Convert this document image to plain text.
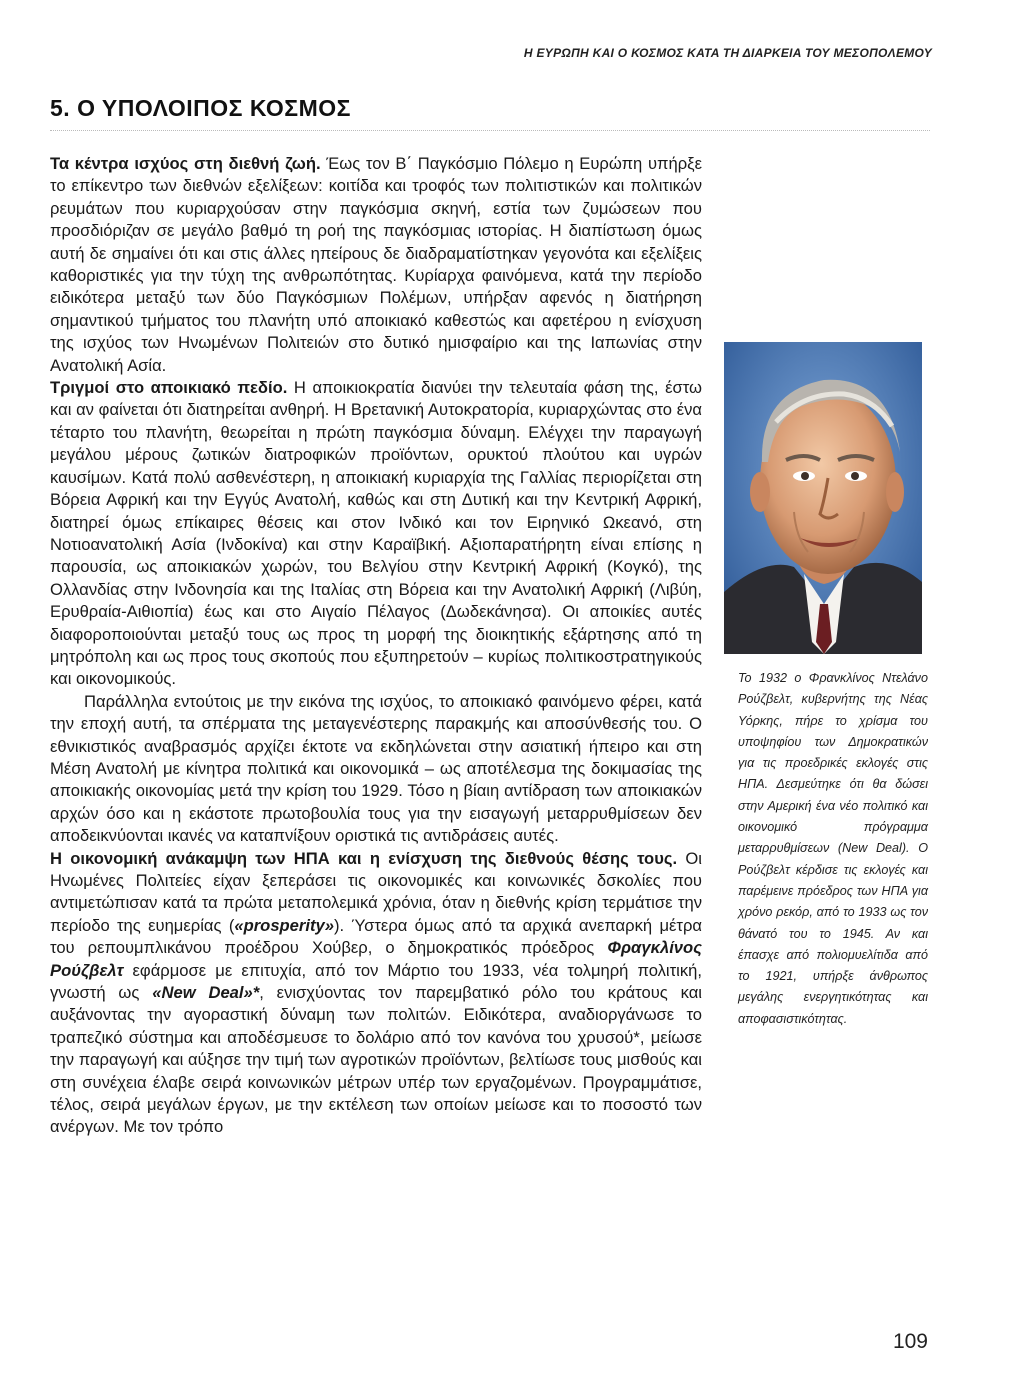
Η ΕΥΡΩΠΗ ΚΑΙ Ο ΚΟΣΜΟΣ ΚΑΤΑ ΤΗ ΔΙΑΡΚΕΙΑ ΤΟΥ ΜΕΣΟΠΟΛΕΜΟΥ
5. Ο ΥΠΟΛΟΙΠΟΣ ΚΟΣΜΟΣ

Τα κέντρα ισχύος στη διεθνή ζωή. Έως τον Β΄ Παγκόσμιο Πόλεμο η Ευρώπη υπήρξε το επίκεντρο των διεθνών εξελίξεων: κοιτίδα και τροφός των πολιτιστικών και πολιτικών ρευμάτων που κυριαρχούσαν στην παγκόσμια σκηνή, εστία των ζυμώσεων που προσδιόριζαν σε μεγάλο βαθμό τη ροή της παγκόσμιας ιστορίας. Η διαπίστωση όμως αυτή δε σημαίνει ότι και στις άλλες ηπείρους δε διαδραματίστηκαν γεγονότα και εξελίξεις καθοριστικές για την τύχη της ανθρωπότητας. Κυρίαρχα φαινόμενα, κατά την περίοδο ειδικότερα μεταξύ των δύο Παγκόσμιων Πολέμων, υπήρξαν αφενός η διατήρηση σημαντικού τμήματος του πλανήτη υπό αποικιακό καθεστώς και αφετέρου η ενίσχυση της ισχύος των Ηνωμένων Πολιτειών στο δυτικό ημισφαίριο και της Ιαπωνίας στην Ανατολική Ασία.

Τριγμοί στο αποικιακό πεδίο. Η αποικιοκρατία διανύει την τελευταία φάση της, έστω και αν φαίνεται ότι διατηρείται ανθηρή. Η Βρετανική Αυτοκρατορία, κυριαρχώντας στο ένα τέταρτο του πλανήτη, θεωρείται η πρώτη παγκόσμια δύναμη. Ελέγχει την παραγωγή μεγάλου μέρους ζωτικών διατροφικών προϊόντων, ορυκτού πλούτου και υγρών καυσίμων. Κατά πολύ ασθενέστερη, η αποικιακή κυριαρχία της Γαλλίας περιορίζεται στη Βόρεια Αφρική και την Εγγύς Ανατολή, καθώς και στη Δυτική και την Κεντρική Αφρική, διατηρεί όμως επίκαιρες θέσεις και στον Ινδικό και τον Ειρηνικό Ωκεανό, στη Νοτιοανατολική Ασία (Ινδοκίνα) και στην Καραϊβική. Αξιοπαρατήρητη είναι επίσης η παρουσία, ως αποικιακών χωρών, του Βελγίου στην Κεντρική Αφρική (Κογκό), της Ολλανδίας στην Ινδονησία και της Ιταλίας στη Βόρεια και την Ανατολική Αφρική (Λιβύη, Ερυθραία-Αιθιοπία) έως και στο Αιγαίο Πέλαγος (Δωδεκάνησα). Οι αποικίες αυτές διαφοροποιούνται μεταξύ τους ως προς τη μορφή της διοικητικής εξάρτησης από τη μητρόπολη και ως προς τους σκοπούς που εξυπηρετούν – κυρίως πολιτικοστρατηγικούς και οικονομικούς.

Παράλληλα εντούτοις με την εικόνα της ισχύος, το αποικιακό φαινόμενο φέρει, κατά την εποχή αυτή, τα σπέρματα της μεταγενέστερης παρακμής και αποσύνθεσής του. Ο εθνικιστικός αναβρασμός αρχίζει έκτοτε να εκδηλώνεται στην ασιατική ήπειρο και στη Μέση Ανατολή με κίνητρα πολιτικά και οικονομικά – ως αποτέλεσμα της δοκιμασίας της αποικιακής οικονομίας μετά την κρίση του 1929. Τόσο η βίαιη αντίδραση των αποικιακών αρχών όσο και η εκάστοτε πρωτοβουλία τους για την εισαγωγή μεταρρυθμίσεων δεν αποδεικνύονται ικανές να καταπνίξουν οριστικά τις αντιδράσεις αυτές.

Η οικονομική ανάκαμψη των ΗΠΑ και η ενίσχυση της διεθνούς θέσης τους. Οι Ηνωμένες Πολιτείες είχαν ξεπεράσει τις οικονομικές και κοινωνικές δσκολίες που αντιμετώπισαν κατά τα πρώτα μεταπολεμικά χρόνια, όταν η διεθνής κρίση τερμάτισε την περίοδο της ευημερίας («prosperity»). Ύστερα όμως από τα αρχικά ανεπαρκή μέτρα του ρεπουμπλικάνου προέδρου Χούβερ, ο δημοκρατικός πρόεδρος Φραγκλίνος Ρούζβελτ εφάρμοσε με επιτυχία, από τον Μάρτιο του 1933, νέα τολμηρή πολιτική, γνωστή ως «New Deal»*, ενισχύοντας τον παρεμβατικό ρόλο του κράτους και αυξάνοντας την αγοραστική δύναμη των πολιτών. Ειδικότερα, αναδιοργάνωσε το τραπεζικό σύστημα και αποδέσμευσε το δολάριο από τον κανόνα του χρυσού*, μείωσε την παραγωγή και αύξησε την τιμή των αγροτικών προϊόντων, βελτίωσε τους μισθούς και στη συνέχεια έλαβε σειρά κοινωνικών μέτρων υπέρ των εργαζομένων. Προγραμμάτισε, τέλος, σειρά μεγάλων έργων, με την εκτέλεση των οποίων μείωσε και το ποσοστό των ανέργων. Με τον τρόπο

Το 1932 ο Φρανκλίνος Ντελάνο Ρούζβελτ, κυβερνήτης της Νέας Υόρκης, πήρε το χρίσμα του υποψηφίου των Δημοκρατικών για τις προεδρικές εκλογές στις ΗΠΑ. Δεσμεύτηκε ότι θα δώσει στην Αμερική ένα νέο πολιτικό και οικονομικό πρόγραμμα μεταρρυθμίσεων (New Deal). Ο Ρούζβελτ κέρδισε τις εκλογές και παρέμεινε πρόεδρος των ΗΠΑ για χρόνο ρεκόρ, από το 1933 ως τον θάνατό του το 1945. Αν και έπασχε από πολιομυελίτιδα από το 1921, υπήρξε άνθρωπος μεγάλης ενεργητικότητας και αποφασιστικότητας.
109
